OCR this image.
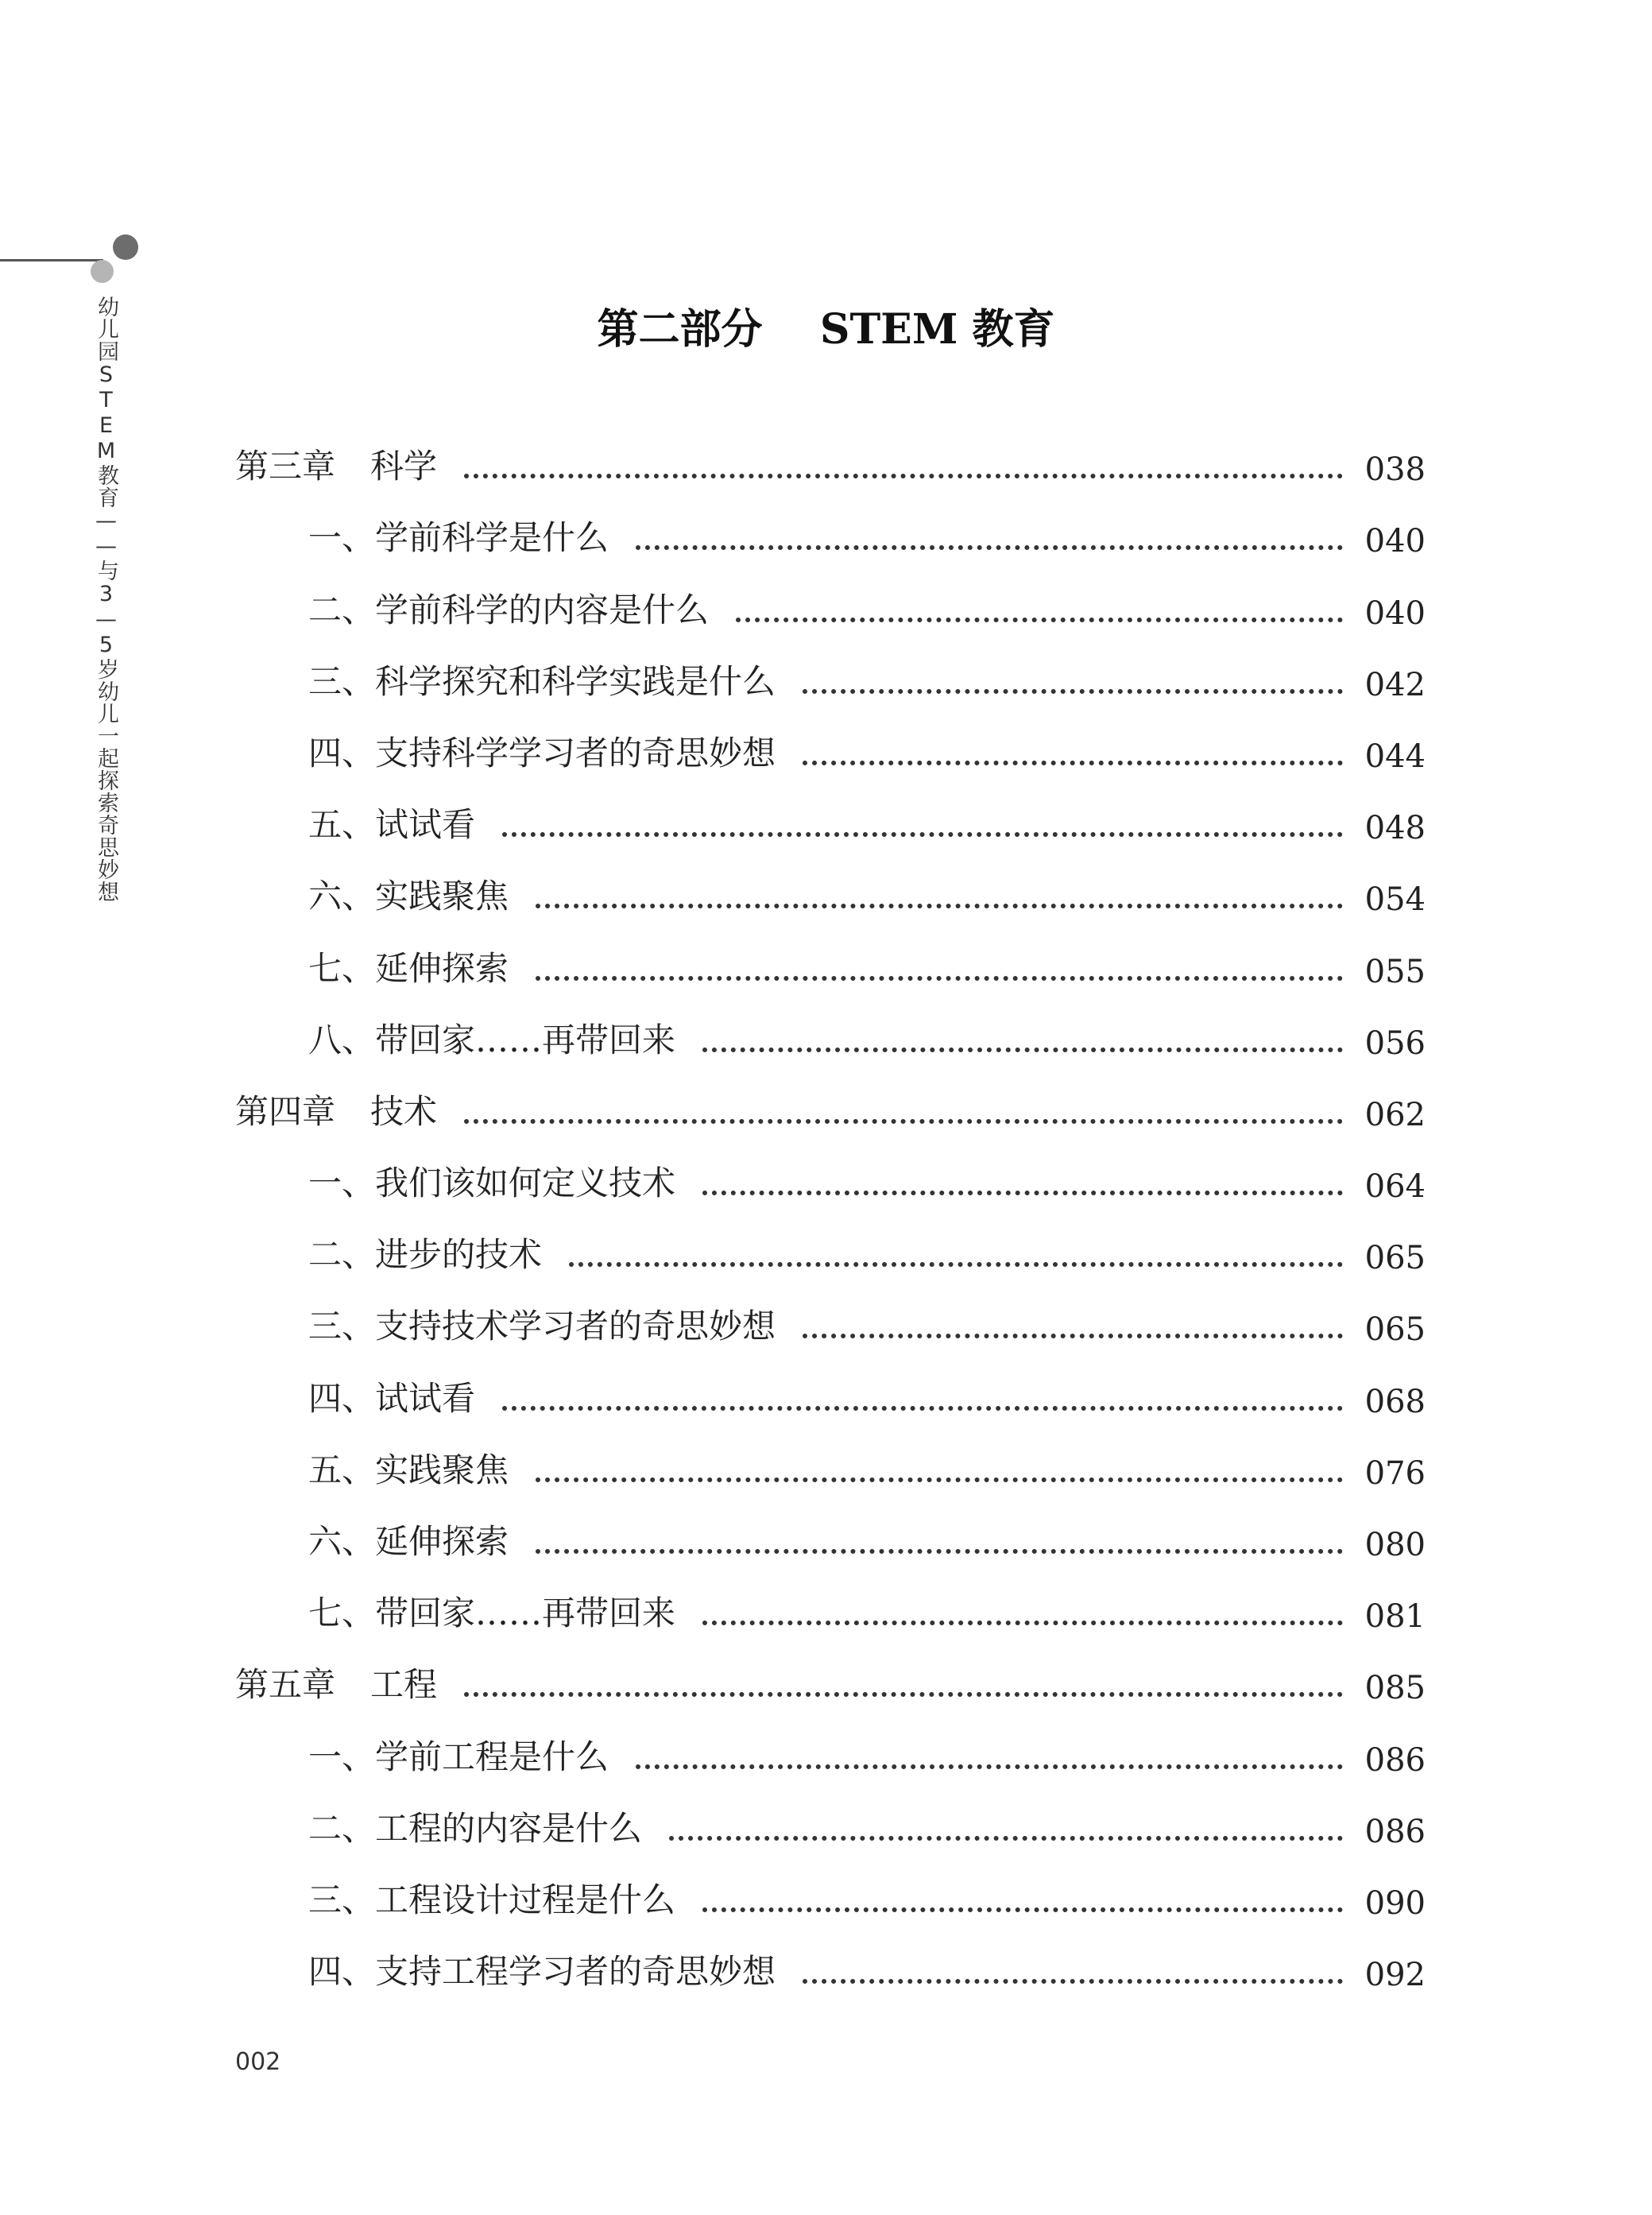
幼儿园STEM教育——与3—5岁幼儿一起探索奇思妙想	第二部分    STEM 教育
第三章 科学	038
一、 学前科学是什么	040
二、 学前科学的内容是什么	040
三、 科学探究和科学实践是什么	042
四、 支持科学学习者的奇思妙想	044
五、 试试看	048
六、 实践聚焦	054
七、 延伸探索	055
八、 带回家……再带回来	056
第四章 技术	062
一、 我们该如何定义技术	064
二、 进步的技术	065
三、 支持技术学习者的奇思妙想	065
四、 试试看	068
五、 实践聚焦	076
六、 延伸探索	080
七、 带回家……再带回来	081
第五章 工程	085
一、 学前工程是什么	086
二、 工程的内容是什么	086
三、 工程设计过程是什么	090
四、 支持工程学习者的奇思妙想	092
002
